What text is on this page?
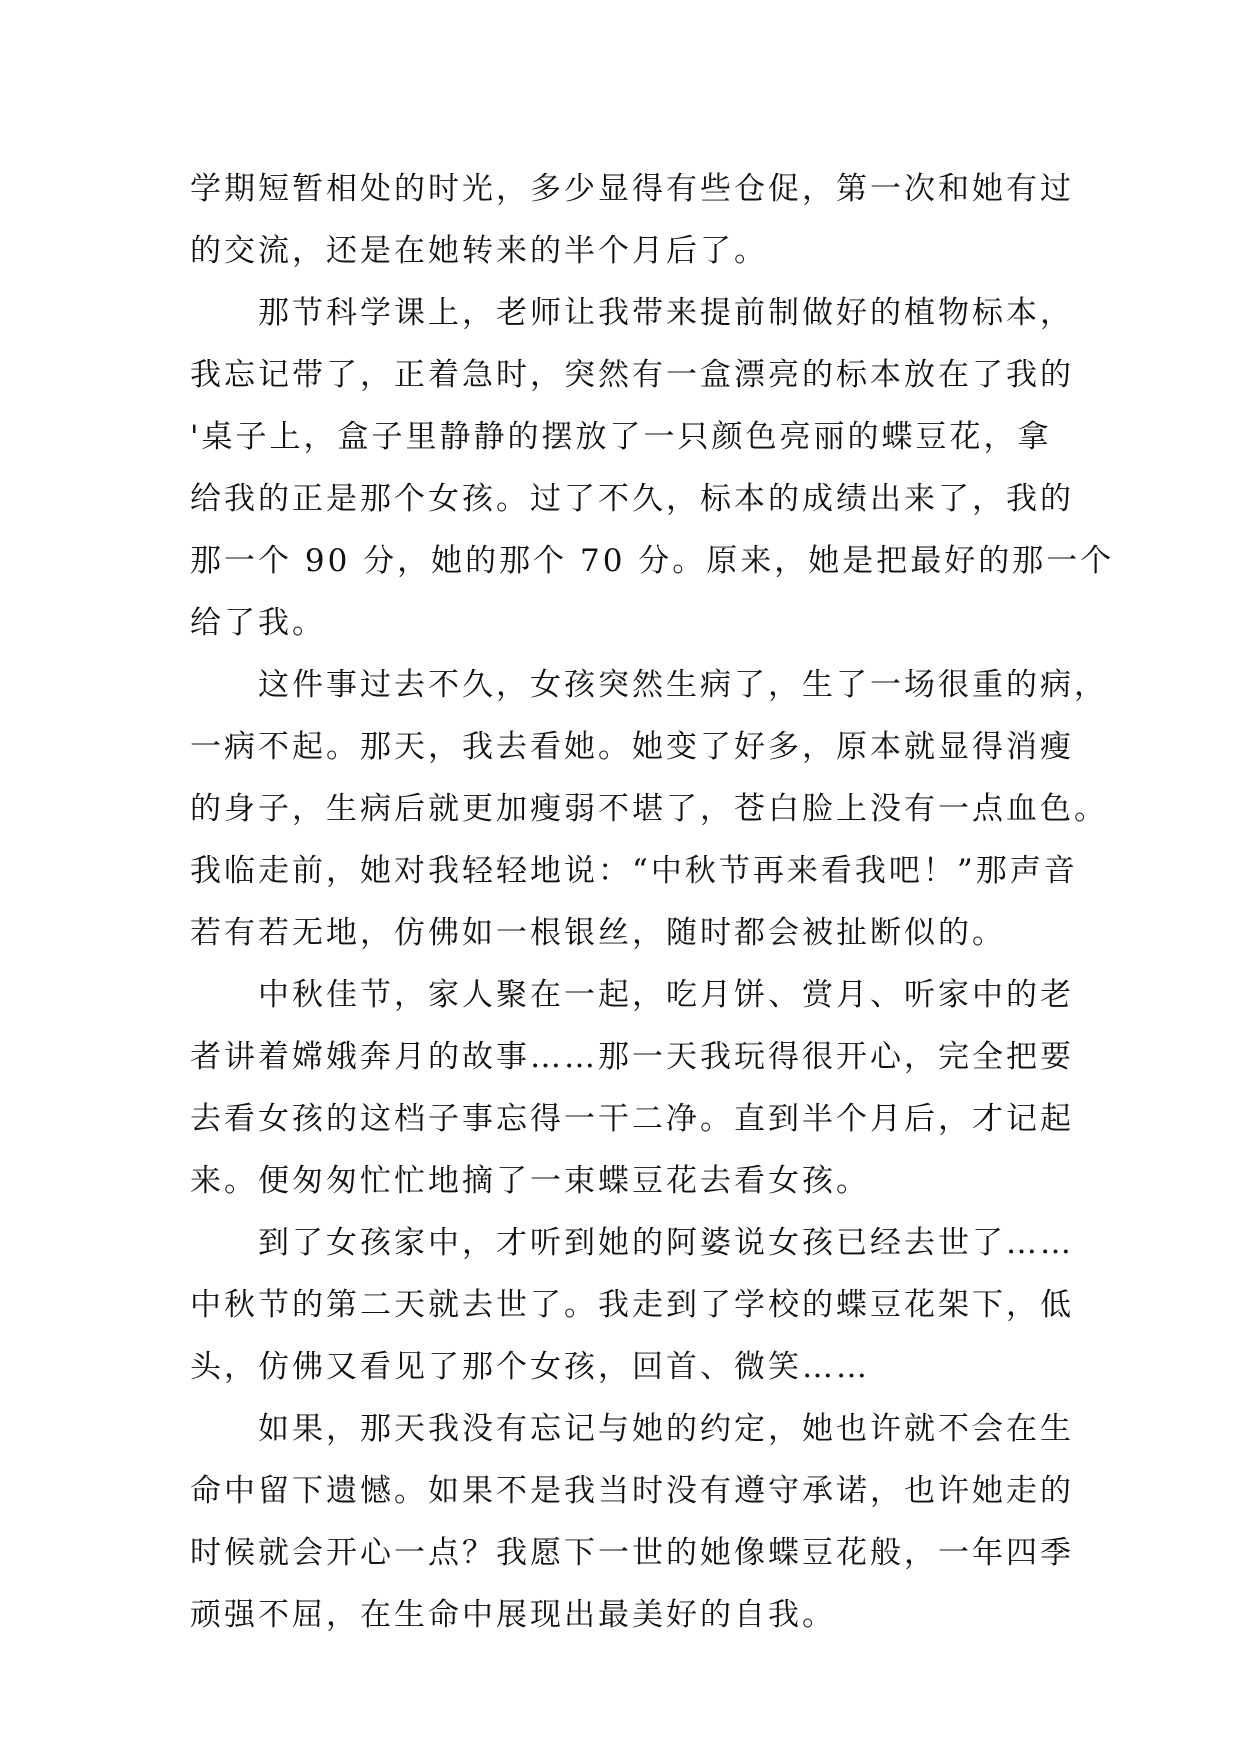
学期短暂相处的时光，多少显得有些仓促，第一次和她有过
的交流，还是在她转来的半个月后了。
那节科学课上，老师让我带来提前制做好的植物标本，
我忘记带了，正着急时，突然有一盒漂亮的标本放在了我的
'桌子上，盒子里静静的摆放了一只颜色亮丽的蝶豆花，拿
给我的正是那个女孩。过了不久，标本的成绩出来了，我的
那一个 90 分，她的那个 70 分。原来，她是把最好的那一个
给了我。
这件事过去不久，女孩突然生病了，生了一场很重的病，
一病不起。那天，我去看她。她变了好多，原本就显得消瘦
的身子，生病后就更加瘦弱不堪了，苍白脸上没有一点血色。
我临走前，她对我轻轻地说：“中秋节再来看我吧！”那声音
若有若无地，仿佛如一根银丝，随时都会被扯断似的。
中秋佳节，家人聚在一起，吃月饼、赏月、听家中的老
者讲着嫦娥奔月的故事……那一天我玩得很开心，完全把要
去看女孩的这档子事忘得一干二净。直到半个月后，才记起
来。便匆匆忙忙地摘了一束蝶豆花去看女孩。
到了女孩家中，才听到她的阿婆说女孩已经去世了……
中秋节的第二天就去世了。我走到了学校的蝶豆花架下，低
头，仿佛又看见了那个女孩，回首、微笑……
如果，那天我没有忘记与她的约定，她也许就不会在生
命中留下遗憾。如果不是我当时没有遵守承诺，也许她走的
时候就会开心一点？我愿下一世的她像蝶豆花般，一年四季
顽强不屈，在生命中展现出最美好的自我。
